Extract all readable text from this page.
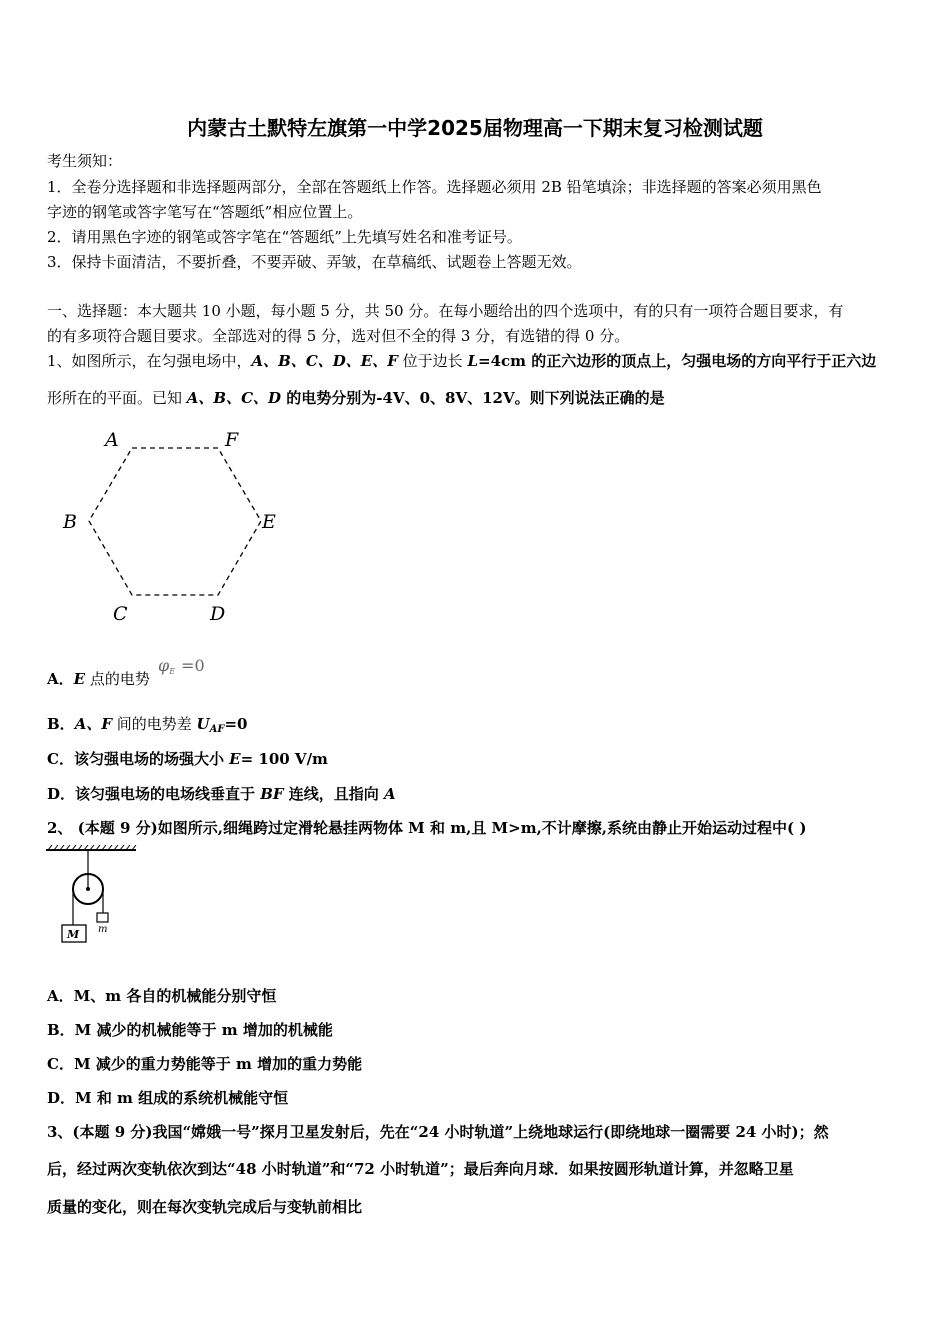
内蒙古土默特左旗第一中学2025届物理高一下期末复习检测试题
考生须知：
1．全卷分选择题和非选择题两部分，全部在答题纸上作答。选择题必须用 2B 铅笔填涂；非选择题的答案必须用黑色
字迹的钢笔或答字笔写在“答题纸”相应位置上。
2．请用黑色字迹的钢笔或答字笔在“答题纸”上先填写姓名和准考证号。
3．保持卡面清洁，不要折叠，不要弄破、弄皱，在草稿纸、试题卷上答题无效。
一、选择题：本大题共 10 小题，每小题 5 分，共 50 分。在每小题给出的四个选项中，有的只有一项符合题目要求，有
的有多项符合题目要求。全部选对的得 5 分，选对但不全的得 3 分，有选错的得 0 分。
1、如图所示，在匀强电场中，A、B、C、D、E、F 位于边长 L=4cm 的正六边形的顶点上，匀强电场的方向平行于正六边
形所在的平面。已知 A、B、C、D 的电势分别为-4V、0、8V、12V。则下列说法正确的是
A	F
B	E
C	D
A．E 点的电势
φE =0
B．A、F 间的电势差 $U_{AF}=0$
C．该匀强电场的场强大小 E= 100 V/m
D．该匀强电场的电场线垂直于 BF 连线，且指向 A
2、 (本题 9 分)如图所示,细绳跨过定滑轮悬挂两物体 M 和 m,且 M>m,不计摩擦,系统由静止开始运动过程中( )
M m
A．M、m 各自的机械能分别守恒
B．M 减少的机械能等于 m 增加的机械能
C．M 减少的重力势能等于 m 增加的重力势能
D．M 和 m 组成的系统机械能守恒
3、(本题 9 分)我国“嫦娥一号”探月卫星发射后，先在“24 小时轨道”上绕地球运行(即绕地球一圈需要 24 小时)；然
后，经过两次变轨依次到达“48 小时轨道”和“72 小时轨道”；最后奔向月球．如果按圆形轨道计算，并忽略卫星
质量的变化，则在每次变轨完成后与变轨前相比
